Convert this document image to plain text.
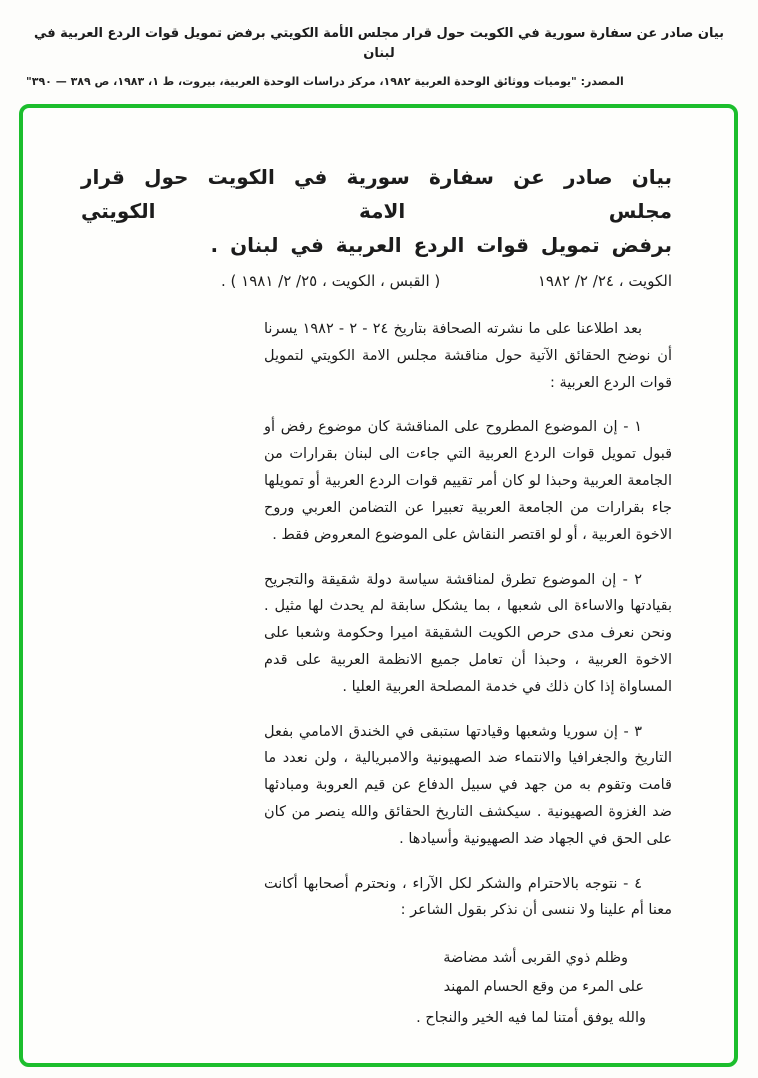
بيان صادر عن سفارة سورية في الكويت حول قرار مجلس الأمة الكويتي برفض تمويل قوات الردع العربية في لبنان
المصدر: "يوميات ووثائق الوحدة العربية ١٩٨٢، مركز دراسات الوحدة العربية، بيروت، ط ١، ١٩٨٣، ص ٣٨٩ — ٣٩٠"
بيان صادر عن سفارة سورية في الكويت حول قرار مجلس الامة الكويتي
برفض تمويل قوات الردع العربية في لبنان .
( القبس ، الكويت ، ٢٥/ ٢/ ١٩٨١ ) .	الكويت ، ٢٤/ ٢/ ١٩٨٢

بعد اطلاعنا على ما نشرته الصحافة بتاريخ ٢٤ - ٢ - ١٩٨٢ يسرنا أن نوضح الحقائق الآتية حول مناقشة مجلس الامة الكويتي لتمويل قوات الردع العربية :

١ - إن الموضوع المطروح على المناقشة كان موضوع رفض أو قبول تمويل قوات الردع العربية التي جاءت الى لبنان بقرارات من الجامعة العربية وحبذا لو كان أمر تقييم قوات الردع العربية أو تمويلها جاء بقرارات من الجامعة العربية تعبيرا عن التضامن العربي وروح الاخوة العربية ، أو لو اقتصر النقاش على الموضوع المعروض فقط .

٢ - إن الموضوع تطرق لمناقشة سياسة دولة شقيقة والتجريح بقيادتها والاساءة الى شعبها ، بما يشكل سابقة لم يحدث لها مثيل . ونحن نعرف مدى حرص الكويت الشقيقة اميرا وحكومة وشعبا على الاخوة العربية ، وحبذا أن تعامل جميع الانظمة العربية على قدم المساواة إذا كان ذلك في خدمة المصلحة العربية العليا .

٣ - إن سوريا وشعبها وقيادتها ستبقى في الخندق الامامي بفعل التاريخ والجغرافيا والانتماء ضد الصهيونية والامبريالية ، ولن نعدد ما قامت وتقوم به من جهد في سبيل الدفاع عن قيم العروبة ومبادئها ضد الغزوة الصهيونية . سيكشف التاريخ الحقائق والله ينصر من كان على الحق في الجهاد ضد الصهيونية وأسيادها .

٤ - نتوجه بالاحترام والشكر لكل الآراء ، ونحترم أصحابها أكانت معنا أم علينا ولا ننسى أن نذكر بقول الشاعر :

وظلم ذوي القربى أشد مضاضة
على المرء من وقع الحسام المهند
والله يوفق أمتنا لما فيه الخير والنجاح .
